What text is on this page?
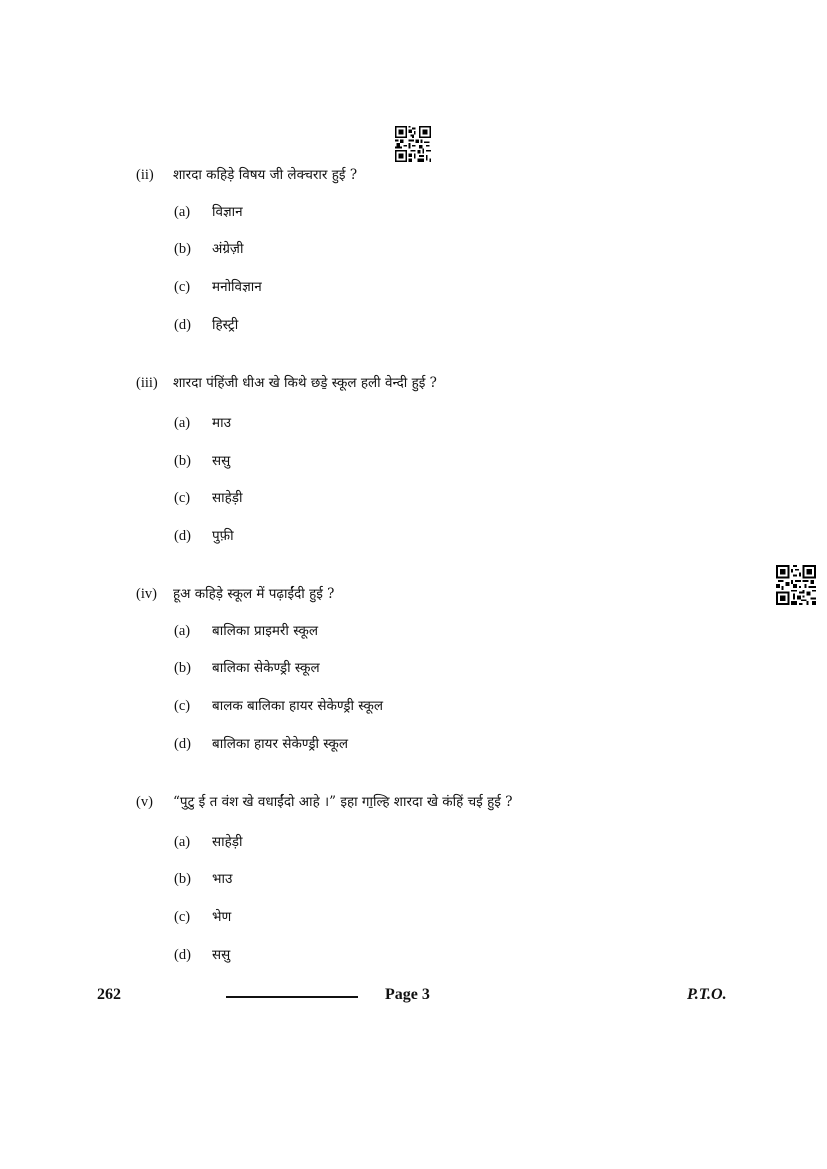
(ii) शारदा कहिड़े विषय जी लेक्चरार हुई ?
(a) विज्ञान
(b) अंग्रेज़ी
(c) मनोविज्ञान
(d) हिस्ट्री
(iii) शारदा पंहिंजी धीअ खे किथे छडे̱ स्कूल हली वेन्दी हुई ?
(a) माउ
(b) ससु
(c) साहेड़ी
(d) पुफ़ी
(iv) हूअ कहिड़े स्कूल में पढ़ाईंदी हुई ?
(a) बालिका प्राइमरी स्कूल
(b) बालिका सेकेण्ड्री स्कूल
(c) बालक बालिका हायर सेकेण्ड्री स्कूल
(d) बालिका हायर सेकेण्ड्री स्कूल
(v) “पुटु ई त वंश खे वधाईंदो आहे ।” इहा गा̱ल्हि शारदा खे कंहिं चई हुई ?
(a) साहेड़ी
(b) भाउ
(c) भेण
(d) ससु
262	Page 3	P.T.O.
